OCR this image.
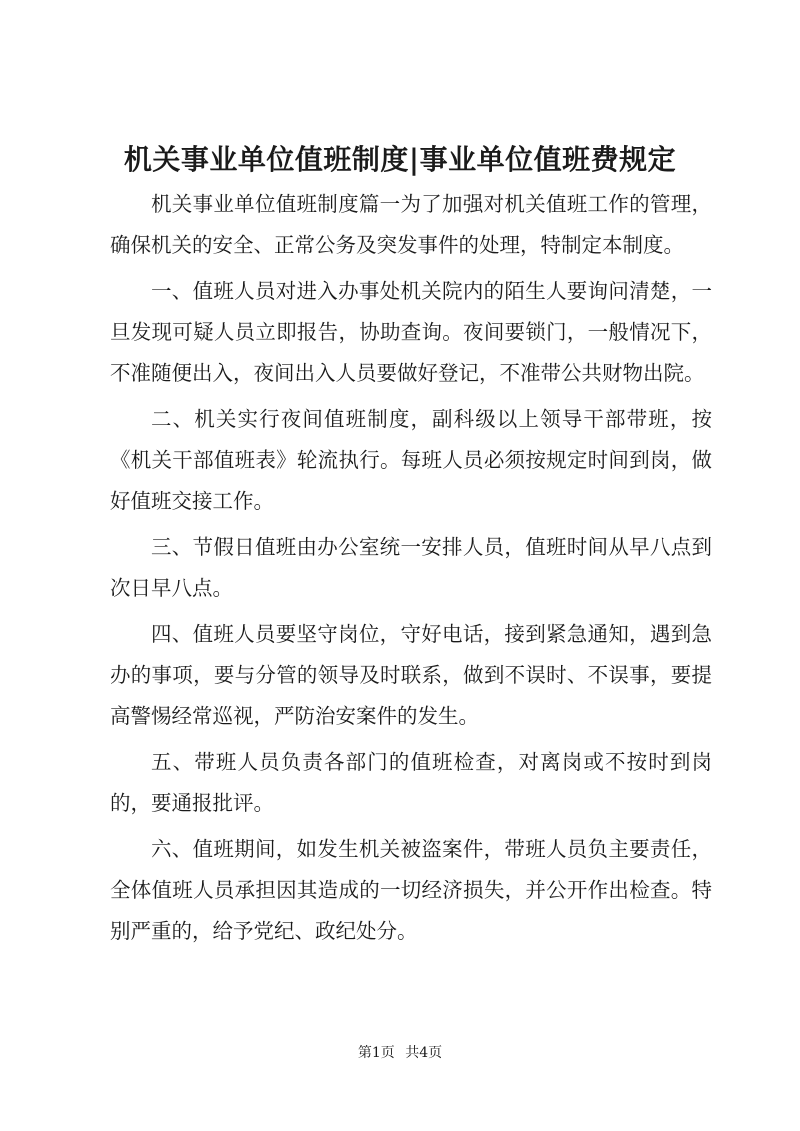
机关事业单位值班制度|事业单位值班费规定

机关事业单位值班制度篇一为了加强对机关值班工作的管理，确保机关的安全、正常公务及突发事件的处理，特制定本制度。

一、值班人员对进入办事处机关院内的陌生人要询问清楚，一旦发现可疑人员立即报告，协助查询。夜间要锁门，一般情况下，不准随便出入，夜间出入人员要做好登记，不准带公共财物出院。

二、机关实行夜间值班制度，副科级以上领导干部带班，按《机关干部值班表》轮流执行。每班人员必须按规定时间到岗，做好值班交接工作。

三、节假日值班由办公室统一安排人员，值班时间从早八点到次日早八点。

四、值班人员要坚守岗位，守好电话，接到紧急通知，遇到急办的事项，要与分管的领导及时联系，做到不误时、不误事，要提高警惕经常巡视，严防治安案件的发生。

五、带班人员负责各部门的值班检查，对离岗或不按时到岗的，要通报批评。

六、值班期间，如发生机关被盗案件，带班人员负主要责任，全体值班人员承担因其造成的一切经济损失，并公开作出检查。特别严重的，给予党纪、政纪处分。

第1页 共4页
